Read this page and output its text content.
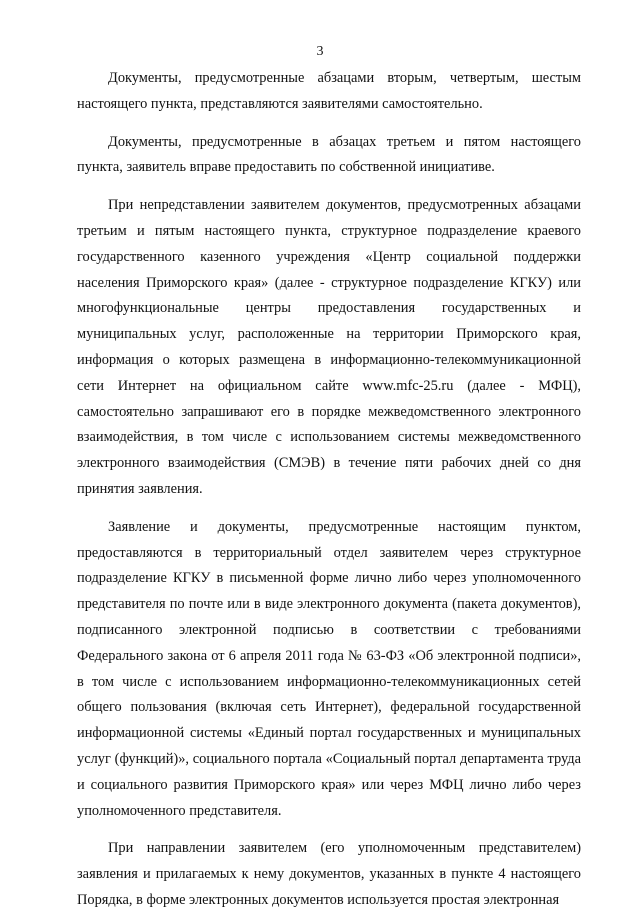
3

Документы, предусмотренные абзацами вторым, четвертым, шестым настоящего пункта, представляются заявителями самостоятельно.

Документы, предусмотренные в абзацах третьем и пятом настоящего пункта, заявитель вправе предоставить по собственной инициативе.

При непредставлении заявителем документов, предусмотренных абзацами третьим и пятым настоящего пункта, структурное подразделение краевого государственного казенного учреждения «Центр социальной поддержки населения Приморского края» (далее - структурное подразделение КГКУ) или многофункциональные центры предоставления государственных и муниципальных услуг, расположенные на территории Приморского края, информация о которых размещена в информационно-телекоммуникационной сети Интернет на официальном сайте www.mfc-25.ru (далее - МФЦ), самостоятельно запрашивают его в порядке межведомственного электронного взаимодействия, в том числе с использованием системы межведомственного электронного взаимодействия (СМЭВ) в течение пяти рабочих дней со дня принятия заявления.

Заявление и документы, предусмотренные настоящим пунктом, предоставляются в территориальный отдел заявителем через структурное подразделение КГКУ в письменной форме лично либо через уполномоченного представителя по почте или в виде электронного документа (пакета документов), подписанного электронной подписью в соответствии с требованиями Федерального закона от 6 апреля 2011 года № 63-ФЗ «Об электронной подписи», в том числе с использованием информационно-телекоммуникационных сетей общего пользования (включая сеть Интернет), федеральной государственной информационной системы «Единый портал государственных и муниципальных услуг (функций)», социального портала «Социальный портал департамента труда и социального развития Приморского края» или через МФЦ лично либо через уполномоченного представителя.

При направлении заявителем (его уполномоченным представителем) заявления и прилагаемых к нему документов, указанных в пункте 4 настоящего Порядка, в форме электронных документов используется простая электронная
